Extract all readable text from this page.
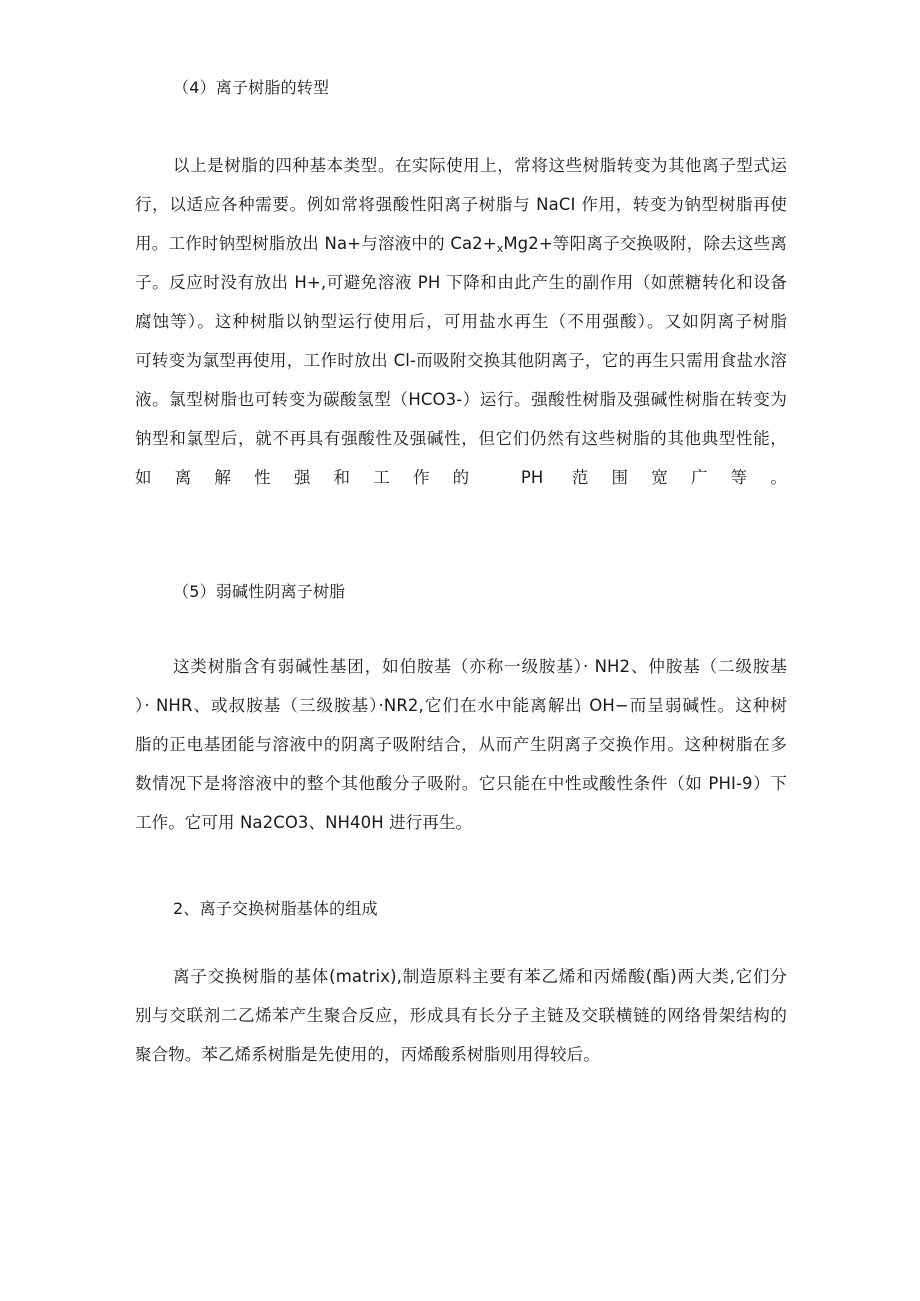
（4）离子树脂的转型
以上是树脂的四种基本类型。在实际使用上，常将这些树脂转变为其他离子型式运
行，以适应各种需要。例如常将强酸性阳离子树脂与 NaCI 作用，转变为钠型树脂再使
用。工作时钠型树脂放出 Na+与溶液中的 $Ca2+_xMg2+$等阳离子交换吸附，除去这些离
子。反应时没有放出 H+,可避免溶液 PH 下降和由此产生的副作用（如蔗糖转化和设备
腐蚀等）。这种树脂以钠型运行使用后，可用盐水再生（不用强酸）。又如阴离子树脂
可转变为氯型再使用，工作时放出 Cl-而吸附交换其他阴离子，它的再生只需用食盐水溶
液。氯型树脂也可转变为碳酸氢型（HCO3-）运行。强酸性树脂及强碱性树脂在转变为
钠型和氯型后，就不再具有强酸性及强碱性，但它们仍然有这些树脂的其他典型性能，
如离解性强和工作的 PH 范围宽广等。
（5）弱碱性阴离子树脂
这类树脂含有弱碱性基团，如伯胺基（亦称一级胺基）· NH2、仲胺基（二级胺基
）· NHR、或叔胺基（三级胺基）·NR2,它们在水中能离解出 OH−而呈弱碱性。这种树
脂的正电基团能与溶液中的阴离子吸附结合，从而产生阴离子交换作用。这种树脂在多
数情况下是将溶液中的整个其他酸分子吸附。它只能在中性或酸性条件（如 PHI-9）下
工作。它可用 Na2CO3、NH40H 进行再生。
2、离子交换树脂基体的组成
离子交换树脂的基体(matrix),制造原料主要有苯乙烯和丙烯酸(酯)两大类,它们分
别与交联剂二乙烯苯产生聚合反应，形成具有长分子主链及交联横链的网络骨架结构的
聚合物。苯乙烯系树脂是先使用的，丙烯酸系树脂则用得较后。
